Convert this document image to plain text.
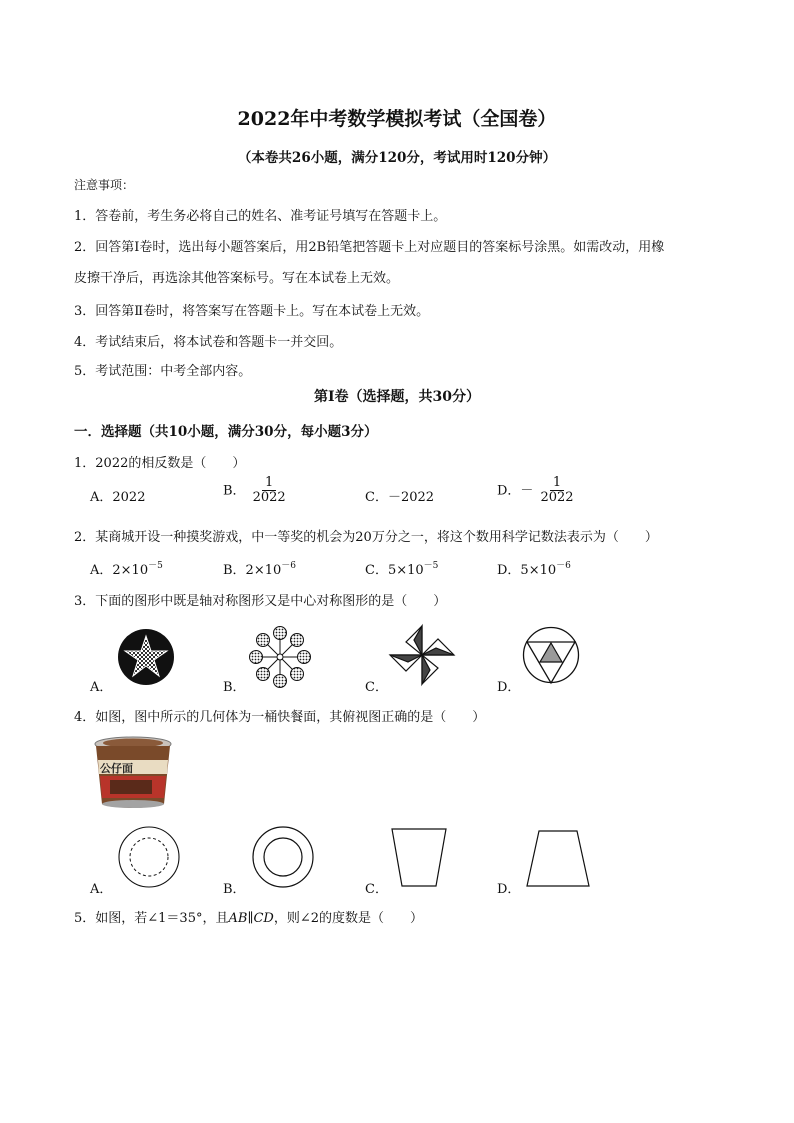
2022年中考数学模拟考试（全国卷）
（本卷共26小题，满分120分，考试用时120分钟）
注意事项：
1．答卷前，考生务必将自己的姓名、准考证号填写在答题卡上。
2．回答第Ⅰ卷时，选出每小题答案后，用2B铅笔把答题卡上对应题目的答案标号涂黑。如需改动，用橡
皮擦干净后，再选涂其他答案标号。写在本试卷上无效。
3．回答第Ⅱ卷时，将答案写在答题卡上。写在本试卷上无效。
4．考试结束后，将本试卷和答题卡一并交回。
5．考试范围：中考全部内容。
第Ⅰ卷（选择题，共30分）
一．选择题（共10小题，满分30分，每小题3分）
1．2022的相反数是（　　）
A．2022	B． $\frac{1}{2022}$	C．－2022	D．－ $\frac{1}{2022}$
2．某商城开设一种摸奖游戏，中一等奖的机会为20万分之一，将这个数用科学记数法表示为（　　）
A．$2\times 10^{-5}$	B．$2\times 10^{-6}$	C．$5\times 10^{-5}$	D．$5\times 10^{-6}$
3．下面的图形中既是轴对称图形又是中心对称图形的是（　　）
A．	B．	C．	D．
4．如图，图中所示的几何体为一桶快餐面，其俯视图正确的是（　　）
公仔面
A．	B．	C．	D．
5．如图，若∠1＝35°，且AB∥CD，则∠2的度数是（　　）
